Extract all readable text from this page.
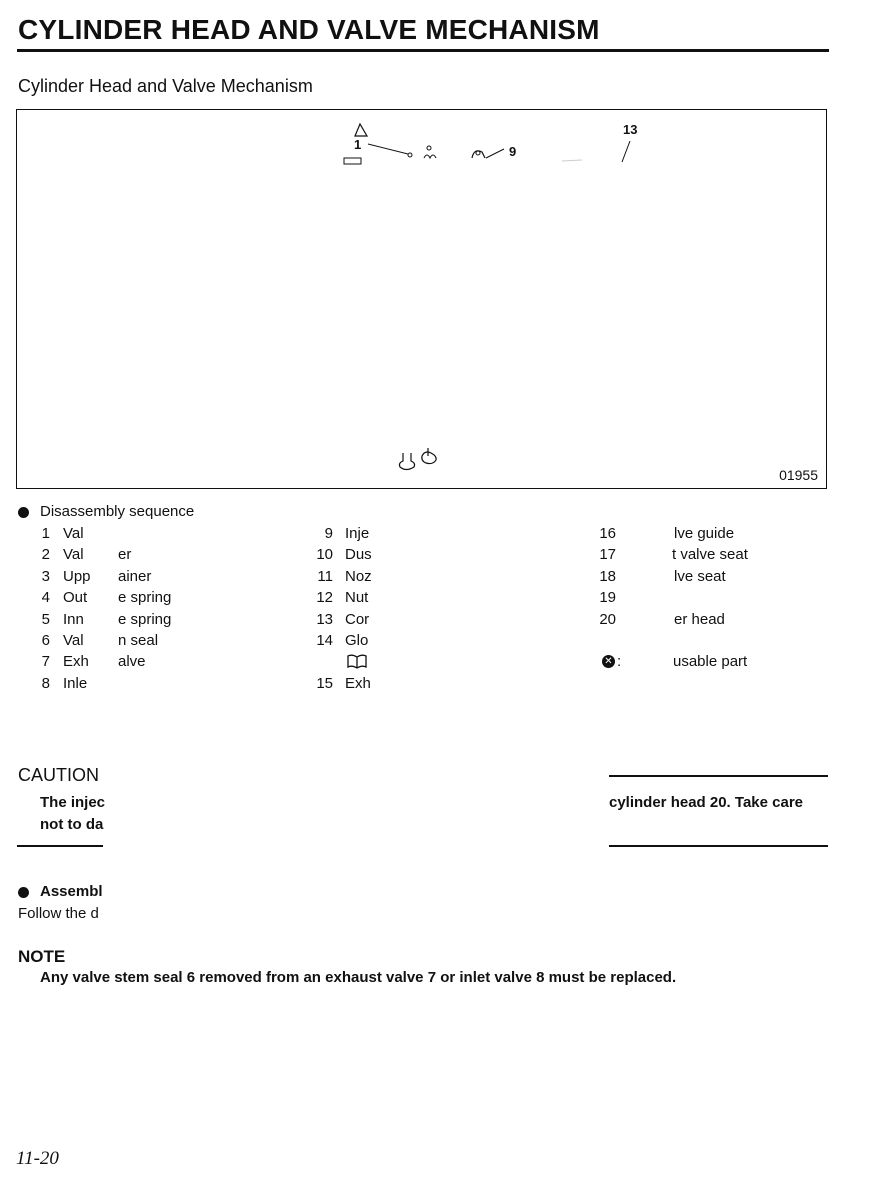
CYLINDER HEAD AND VALVE MECHANISM
Cylinder Head and Valve Mechanism
1	9
13
01955
Disassembly sequence
1 Val
2 Val er
3 Upp ainer
4 Out e spring
5 Inn e spring
6 Val n seal
7 Exh alve
8 Inle
9 Inje
10 Dus
11 Noz
12 Nut
13 Cor
14 Glo
15 Exh
16	lve guide
17	t valve seat
18	lve seat
19
20	er head
✕ :	usable part
CAUTION
The injec	cylinder head 20. Take care
not to da
Assembl
Follow the d
NOTE
Any valve stem seal 6 removed from an exhaust valve 7 or inlet valve 8 must be replaced.
11-20
